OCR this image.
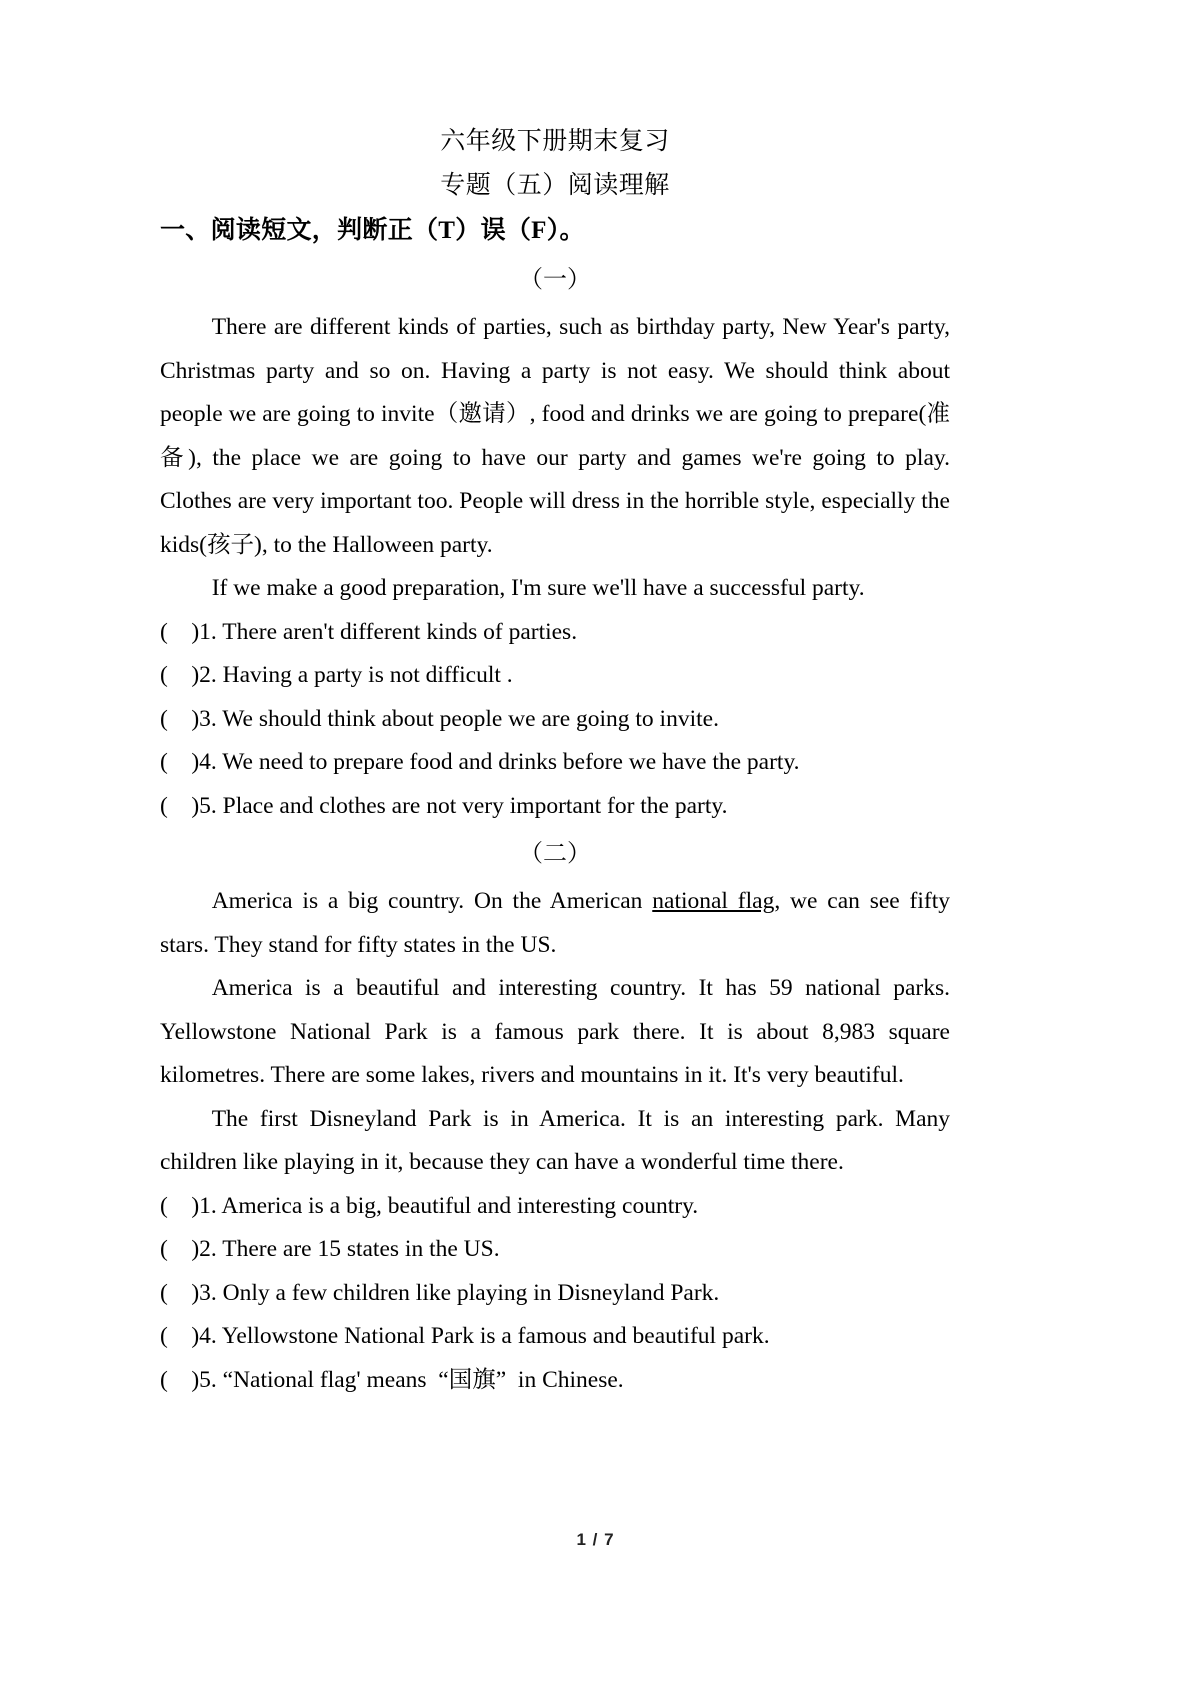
六年级下册期末复习
专题（五）阅读理解
一、阅读短文，判断正（T）误（F）。
（一）

There are different kinds of parties, such as birthday party, New Year's party, Christmas party and so on. Having a party is not easy. We should think about people we are going to invite（邀请）, food and drinks we are going to prepare(准备), the place we are going to have our party and games we're going to play. Clothes are very important too. People will dress in the horrible style, especially the kids(孩子), to the Halloween party.

If we make a good preparation, I'm sure we'll have a successful party.

(    )1. There aren't different kinds of parties.

(    )2. Having a party is not difficult .

(    )3. We should think about people we are going to invite.

(    )4. We need to prepare food and drinks before we have the party.

(    )5. Place and clothes are not very important for the party.

（二）

America is a big country. On the American national flag, we can see fifty stars. They stand for fifty states in the US.

America is a beautiful and interesting country. It has 59 national parks. Yellowstone National Park is a famous park there. It is about 8,983 square kilometres. There are some lakes, rivers and mountains in it. It's very beautiful.

The first Disneyland Park is in America. It is an interesting park. Many children like playing in it, because they can have a wonderful time there.

(    )1. America is a big, beautiful and interesting country.

(    )2. There are 15 states in the US.

(    )3. Only a few children like playing in Disneyland Park.

(    )4. Yellowstone National Park is a famous and beautiful park.

(    )5. “National flag' means  “国旗”  in Chinese.

1 / 7
